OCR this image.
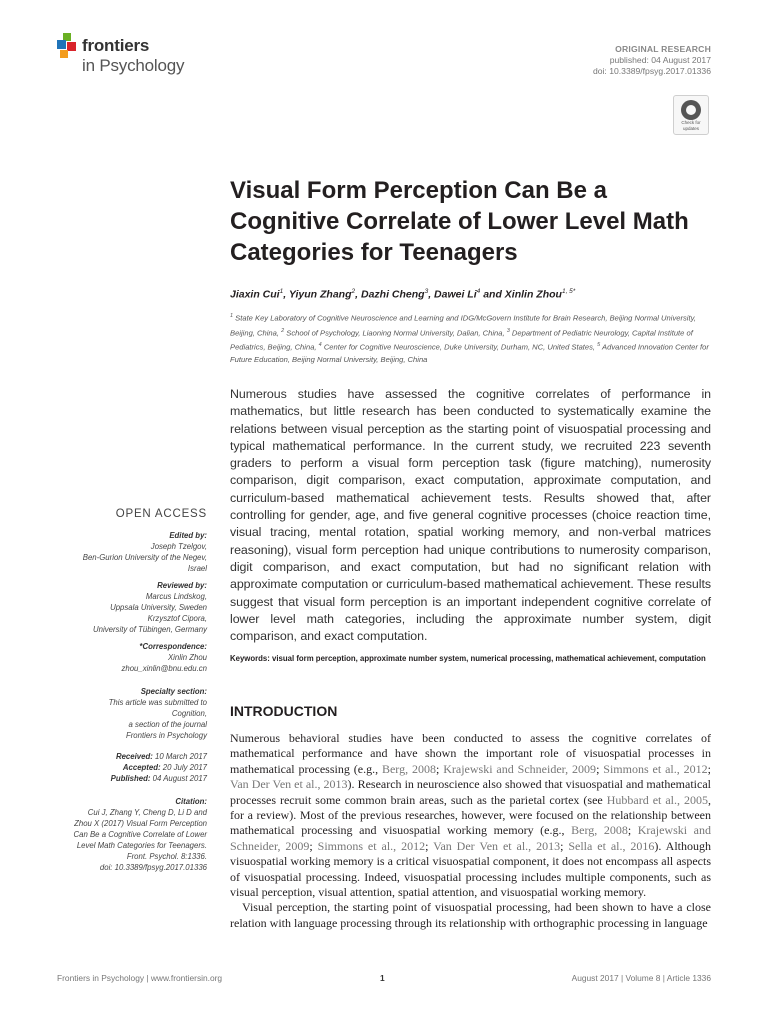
frontiers
in Psychology
ORIGINAL RESEARCH
published: 04 August 2017
doi: 10.3389/fpsyg.2017.01336
Check for updates
Visual Form Perception Can Be a Cognitive Correlate of Lower Level Math Categories for Teenagers

Jiaxin Cui$^1$, Yiyun Zhang$^2$, Dazhi Cheng$^3$, Dawei Li$^4$ and Xinlin Zhou$^{1, 5*}$

$^1$ State Key Laboratory of Cognitive Neuroscience and Learning and IDG/McGovern Institute for Brain Research, Beijing Normal University, Beijing, China, $^2$ School of Psychology, Liaoning Normal University, Dalian, China, $^3$ Department of Pediatric Neurology, Capital Institute of Pediatrics, Beijing, China, $^4$ Center for Cognitive Neuroscience, Duke University, Durham, NC, United States, $^5$ Advanced Innovation Center for Future Education, Beijing Normal University, Beijing, China

Numerous studies have assessed the cognitive correlates of performance in mathematics, but little research has been conducted to systematically examine the relations between visual perception as the starting point of visuospatial processing and typical mathematical performance. In the current study, we recruited 223 seventh graders to perform a visual form perception task (figure matching), numerosity comparison, digit comparison, exact computation, approximate computation, and curriculum-based mathematical achievement tests. Results showed that, after controlling for gender, age, and five general cognitive processes (choice reaction time, visual tracing, mental rotation, spatial working memory, and non-verbal matrices reasoning), visual form perception had unique contributions to numerosity comparison, digit comparison, and exact computation, but had no significant relation with approximate computation or curriculum-based mathematical achievement. These results suggest that visual form perception is an important independent cognitive correlate of lower level math categories, including the approximate number system, digit comparison, and exact computation.

Keywords: visual form perception, approximate number system, numerical processing, mathematical achievement, computation

OPEN ACCESS
Edited by:
Joseph Tzelgov,
Ben-Gurion University of the Negev,
Israel
Reviewed by:
Marcus Lindskog,
Uppsala University, Sweden
Krzysztof Cipora,
University of Tübingen, Germany
*Correspondence:
Xinlin Zhou
zhou_xinlin@bnu.edu.cn
Specialty section:
This article was submitted to
Cognition,
a section of the journal
Frontiers in Psychology
Received: 10 March 2017
Accepted: 20 July 2017
Published: 04 August 2017
Citation:
Cui J, Zhang Y, Cheng D, Li D and
Zhou X (2017) Visual Form Perception
Can Be a Cognitive Correlate of Lower
Level Math Categories for Teenagers.
Front. Psychol. 8:1336.
doi: 10.3389/fpsyg.2017.01336
INTRODUCTION

Numerous behavioral studies have been conducted to assess the cognitive correlates of mathematical performance and have shown the important role of visuospatial processes in mathematical processing (e.g., Berg, 2008; Krajewski and Schneider, 2009; Simmons et al., 2012; Van Der Ven et al., 2013). Research in neuroscience also showed that visuospatial and mathematical processes recruit some common brain areas, such as the parietal cortex (see Hubbard et al., 2005, for a review). Most of the previous researches, however, were focused on the relationship between mathematical processing and visuospatial working memory (e.g., Berg, 2008; Krajewski and Schneider, 2009; Simmons et al., 2012; Van Der Ven et al., 2013; Sella et al., 2016). Although visuospatial working memory is a critical visuospatial component, it does not encompass all aspects of visuospatial processing. Indeed, visuospatial processing includes multiple components, such as visual perception, visual attention, spatial attention, and visuospatial working memory.

Visual perception, the starting point of visuospatial processing, had been shown to have a close relation with language processing through its relationship with orthographic processing in language

Frontiers in Psychology | www.frontiersin.org	1	August 2017 | Volume 8 | Article 1336
